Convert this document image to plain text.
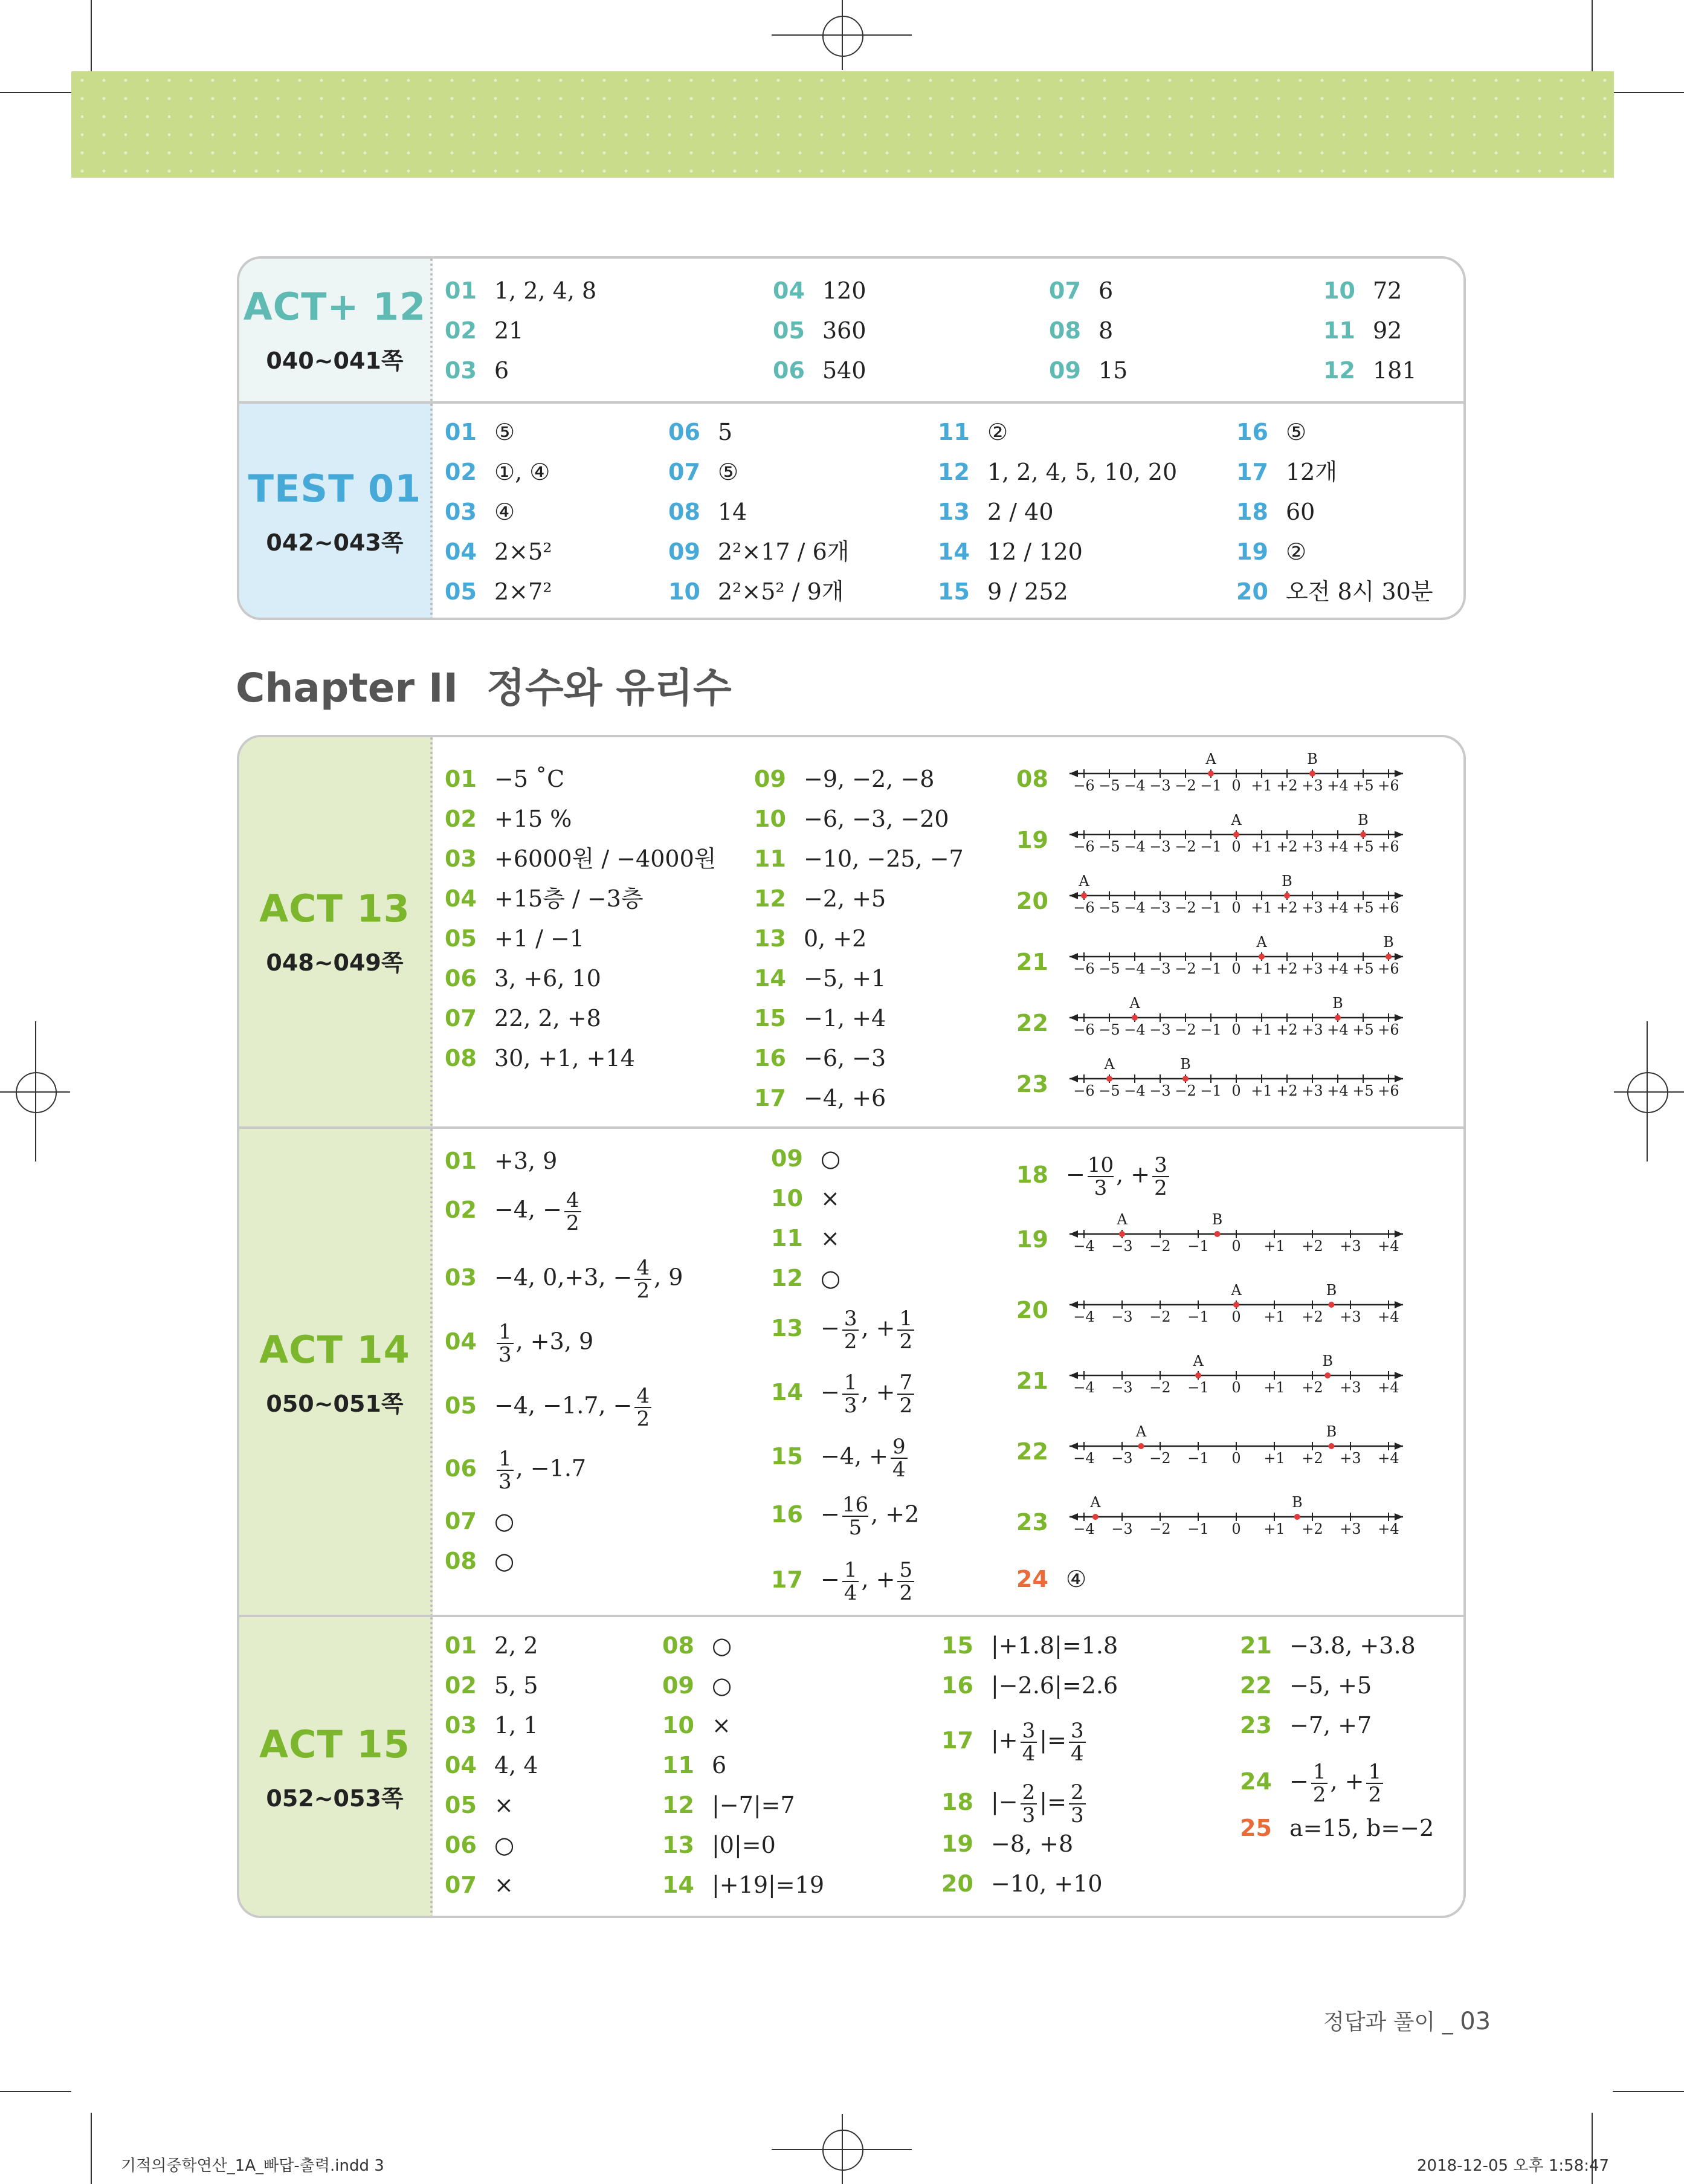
ACT+ 12
040~041쪽
01 1, 2, 4, 8
02 21
03 6
04 120
05 360
06 540
07 6
08 8
09 15
10 72
11 92
12 181
TEST 01
042~043쪽
01 ⑤
02 ①, ④
03 ④
04 2×5²
05 2×7²
06 5
07 ⑤
08 14
09 2²×17 / 6개
10 2²×5² / 9개
11 ②
12 1, 2, 4, 5, 10, 20
13 2 / 40
14 12 / 120
15 9 / 252
16 ⑤
17 12개
18 60
19 ②
20 오전 8시 30분
Chapter II 정수와 유리수
ACT 13
048~049쪽
01 −5 ˚C
02 +15 %
03 +6000원 / −4000원
04 +15층 / −3층
05 +1 / −1
06 3, +6, 10
07 22, 2, +8
08 30, +1, +14
09 −9, −2, −8
10 −6, −3, −20
11 −10, −25, −7
12 −2, +5
13 0, +2
14 −5, +1
15 −1, +4
16 −6, −3
17 −4, +6
08	−6 −5 −4 −3 −2 −1 0 +1 +2 +3 +4 +5 +6
A	B
19	−6 −5 −4 −3 −2 −1 0 +1 +2 +3 +4 +5 +6
A	B
20	−6 −5 −4 −3 −2 −1 0 +1 +2 +3 +4 +5 +6
A	B
21	−6 −5 −4 −3 −2 −1 0 +1 +2 +3 +4 +5 +6
A	B
22	−6 −5 −4 −3 −2 −1 0 +1 +2 +3 +4 +5 +6
A	B
23	−6 −5 −4 −3 −2 −1 0 +1 +2 +3 +4 +5 +6
A	B
ACT 14
050~051쪽
01 +3, 9
02 −4, − $\frac{4}{2}$
03 −4, 0,+3, − $\frac{4}{2}$ , 9
$04 \frac{1}{3}$ , +3, 9
05 −4, −1.7, − $\frac{4}{2}$
$06 \frac{1}{3}$ , −1.7
07 ○
08 ○
09 ○
10 ×
11 ×
12 ○
$13 - \frac{3}{2}$ , + $\frac{1}{2}$
$14 - \frac{1}{3}$ , + $\frac{7}{2}$
15 −4, + $\frac{9}{4}$
$16 - \frac{16}{5}$ , +2
$17 - \frac{1}{4}$ , + $\frac{5}{2}$
$18 - \frac{10}{3}$ , + $\frac{3}{2}$
19	−4 −3 −2 −1 0 +1 +2 +3 +4
A	B
20	−4 −3 −2 −1 0 +1 +2 +3 +4
A	B
21	−4 −3 −2 −1 0 +1 +2 +3 +4
A	B
22	−4 −3 −2 −1 0 +1 +2 +3 +4
A	B
23	−4 −3 −2 −1 0 +1 +2 +3 +4
A	B
24 ④
ACT 15
052~053쪽
01 2, 2
02 5, 5
03 1, 1
04 4, 4
05 ×
06 ○
07 ×
08 ○
09 ○
10 ×
11 6
12 |−7|=7
13 |0|=0
14 |+19|=19
15 |+1.8|=1.8
16 |−2.6|=2.6
17 |+ $\frac{3}{4}$ |= $\frac{3}{4}$
18 |− $\frac{2}{3}$ |= $\frac{2}{3}$
19 −8, +8
20 −10, +10
21 −3.8, +3.8
22 −5, +5
23 −7, +7
$24 - \frac{1}{2}$ , + $\frac{1}{2}$
25 a=15, b=−2
정답과 풀이 _ 03
기적의중학연산_1A_빠답-출력.indd 3	2018-12-05 오후 1:58:47
